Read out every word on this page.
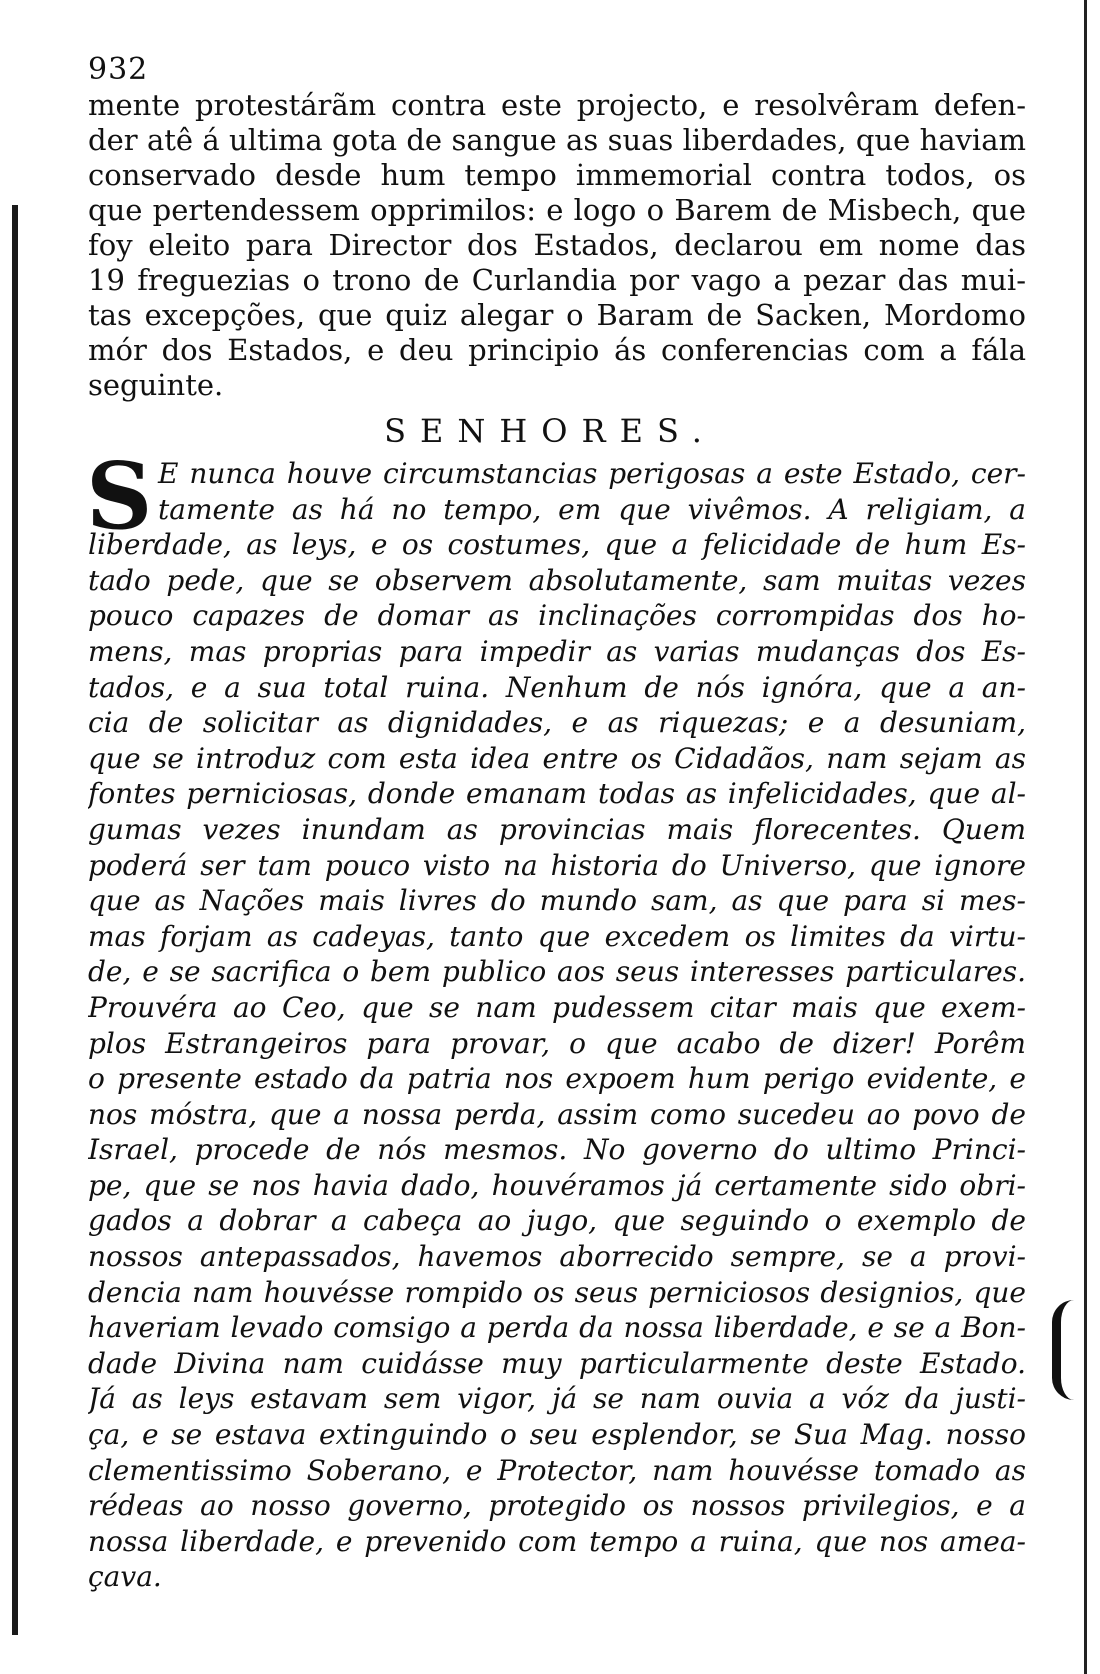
932
mente protestárãm contra este projecto, e resolvêram defen-
der atê á ultima gota de sangue as suas liberdades, que haviam
conservado desde hum tempo immemorial contra todos, os
que pertendessem opprimilos: e logo o Barem de Misbech, que
foy eleito para Director dos Estados, declarou em nome das
19 freguezias o trono de Curlandia por vago a pezar das mui-
tas excepções, que quiz alegar o Baram de Sacken, Mordomo
mór dos Estados, e deu principio ás conferencias com a fála
seguinte.
SENHORES.
S E nunca houve circumstancias perigosas a este Estado, cer-
tamente as há no tempo, em que vivêmos. A religiam, a
liberdade, as leys, e os costumes, que a felicidade de hum Es-
tado pede, que se observem absolutamente, sam muitas vezes
pouco capazes de domar as inclinações corrompidas dos ho-
mens, mas proprias para impedir as varias mudanças dos Es-
tados, e a sua total ruina. Nenhum de nós ignóra, que a an-
cia de solicitar as dignidades, e as riquezas; e a desuniam,
que se introduz com esta idea entre os Cidadãos, nam sejam as
fontes perniciosas, donde emanam todas as infelicidades, que al-
gumas vezes inundam as provincias mais florecentes. Quem
poderá ser tam pouco visto na historia do Universo, que ignore
que as Nações mais livres do mundo sam, as que para si mes-
mas forjam as cadeyas, tanto que excedem os limites da virtu-
de, e se sacrifica o bem publico aos seus interesses particulares.
Prouvéra ao Ceo, que se nam pudessem citar mais que exem-
plos Estrangeiros para provar, o que acabo de dizer! Porêm
o presente estado da patria nos expoem hum perigo evidente, e
nos móstra, que a nossa perda, assim como sucedeu ao povo de
Israel, procede de nós mesmos. No governo do ultimo Princi-
pe, que se nos havia dado, houvéramos já certamente sido obri-
gados a dobrar a cabeça ao jugo, que seguindo o exemplo de
nossos antepassados, havemos aborrecido sempre, se a provi-
dencia nam houvésse rompido os seus perniciosos designios, que
haveriam levado comsigo a perda da nossa liberdade, e se a Bon-
dade Divina nam cuidásse muy particularmente deste Estado.
Já as leys estavam sem vigor, já se nam ouvia a vóz da justi-
ça, e se estava extinguindo o seu esplendor, se Sua Mag. nosso
clementissimo Soberano, e Protector, nam houvésse tomado as
rédeas ao nosso governo, protegido os nossos privilegios, e a
nossa liberdade, e prevenido com tempo a ruina, que nos amea-
çava.
